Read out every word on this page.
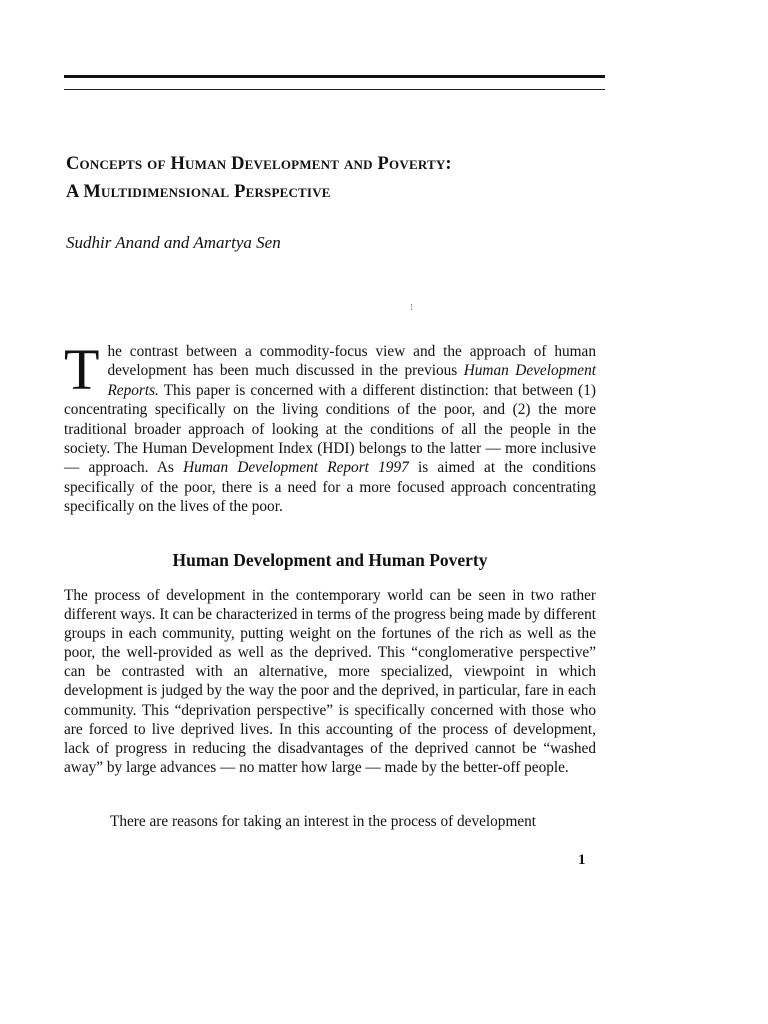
Concepts of Human Development and Poverty:
A Multidimensional Perspective

Sudhir Anand and Amartya Sen

⁝

The contrast between a commodity-focus view and the approach of human development has been much discussed in the previous Human Development Reports. This paper is concerned with a different distinction: that between (1) concentrating specifically on the living conditions of the poor, and (2) the more traditional broader approach of looking at the conditions of all the people in the society. The Human Development Index (HDI) belongs to the latter — more inclusive — approach. As Human Development Report 1997 is aimed at the conditions specifically of the poor, there is a need for a more focused approach concentrating specifically on the lives of the poor.

Human Development and Human Poverty

The process of development in the contemporary world can be seen in two rather different ways. It can be characterized in terms of the progress being made by different groups in each community, putting weight on the fortunes of the rich as well as the poor, the well-provided as well as the deprived. This “conglomerative perspective” can be contrasted with an alternative, more specialized, viewpoint in which development is judged by the way the poor and the deprived, in particular, fare in each community. This “deprivation perspective” is specifically concerned with those who are forced to live deprived lives. In this accounting of the process of development, lack of progress in reducing the disadvantages of the deprived cannot be “washed away” by large advances — no matter how large — made by the better-off people.

There are reasons for taking an interest in the process of development

1
